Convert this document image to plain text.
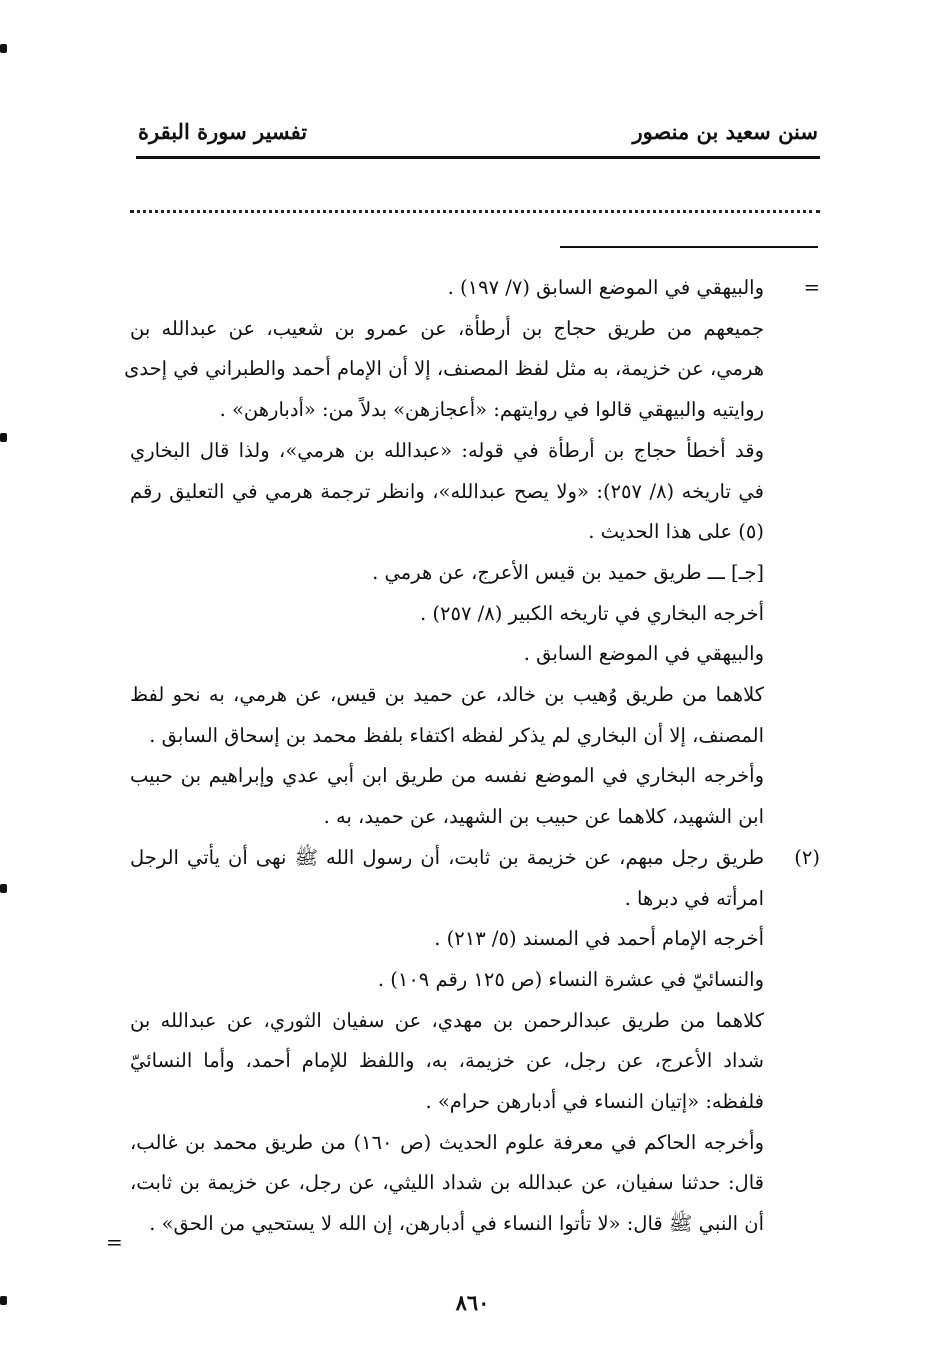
تفسير سورة البقرة	سنن سعيد بن منصور
=
والبيهقي في الموضع السابق (٧/ ١٩٧) .
جميعهم من طريق حجاج بن أرطأة، عن عمرو بن شعيب، عن عبدالله بن
هرمي، عن خزيمة، به مثل لفظ المصنف، إلا أن الإمام أحمد والطبراني في إحدى
روايتيه والبيهقي قالوا في روايتهم: «أعجازهن» بدلاً من: «أدبارهن» .
وقد أخطأ حجاج بن أرطأة في قوله: «عبدالله بن هرمي»، ولذا قال البخاري
في تاريخه (٨/ ٢٥٧): «ولا يصح عبدالله»، وانظر ترجمة هرمي في التعليق رقم
(٥) على هذا الحديث .
[جـ] ـــ طريق حميد بن قيس الأعرج، عن هرمي .
أخرجه البخاري في تاريخه الكبير (٨/ ٢٥٧) .
والبيهقي في الموضع السابق .
كلاهما من طريق وُهيب بن خالد، عن حميد بن قيس، عن هرمي، به نحو لفظ
المصنف، إلا أن البخاري لم يذكر لفظه اكتفاء بلفظ محمد بن إسحاق السابق .
وأخرجه البخاري في الموضع نفسه من طريق ابن أبي عدي وإبراهيم بن حبيب
ابن الشهيد، كلاهما عن حبيب بن الشهيد، عن حميد، به .
(٢)
طريق رجل مبهم، عن خزيمة بن ثابت، أن رسول الله ﷺ نهى أن يأتي الرجل
امرأته في دبرها .
أخرجه الإمام أحمد في المسند (٥/ ٢١٣) .
والنسائيّ في عشرة النساء (ص ١٢٥ رقم ١٠٩) .
كلاهما من طريق عبدالرحمن بن مهدي، عن سفيان الثوري، عن عبدالله بن
شداد الأعرج، عن رجل، عن خزيمة، به، واللفظ للإمام أحمد، وأما النسائيّ
فلفظه: «إتيان النساء في أدبارهن حرام» .
وأخرجه الحاكم في معرفة علوم الحديث (ص ١٦٠) من طريق محمد بن غالب،
قال: حدثنا سفيان، عن عبدالله بن شداد الليثي، عن رجل، عن خزيمة بن ثابت،
أن النبي ﷺ قال: «لا تأتوا النساء في أدبارهن، إن الله لا يستحيي من الحق» .
=
٨٦٠
